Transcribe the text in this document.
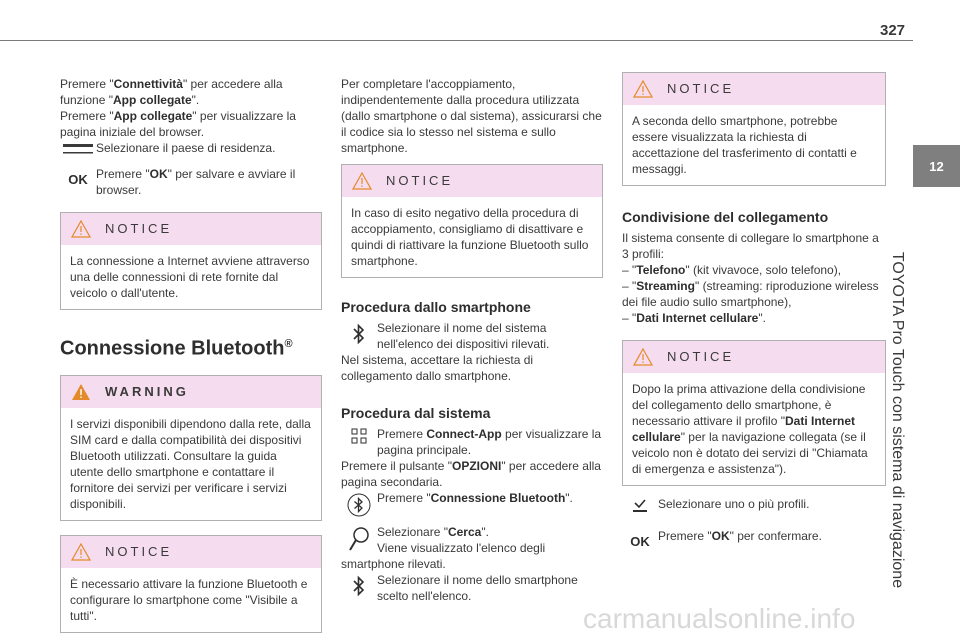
327
12
TOYOTA Pro Touch con sistema di navigazione

Premere "Connettività" per accedere alla funzione "App collegate".

Premere "App collegate" per visualizzare la pagina iniziale del browser.

Selezionare il paese di residenza.
OK Premere "OK" per salvare e avviare il browser.
NOTICE
La connessione a Internet avviene attraverso una delle connessioni di rete fornite dal veicolo o dall'utente.
Connessione Bluetooth®
WARNING
I servizi disponibili dipendono dalla rete, dalla SIM card e dalla compatibilità dei dispositivi Bluetooth utilizzati. Consultare la guida utente dello smartphone e contattare il fornitore dei servizi per verificare i servizi disponibili.
NOTICE
È necessario attivare la funzione Bluetooth e configurare lo smartphone come "Visibile a tutti".

Per completare l'accoppiamento, indipendentemente dalla procedura utilizzata (dallo smartphone o dal sistema), assicurarsi che il codice sia lo stesso nel sistema e sullo smartphone.

NOTICE
In caso di esito negativo della procedura di accoppiamento, consigliamo di disattivare e quindi di riattivare la funzione Bluetooth sullo smartphone.
Procedura dallo smartphone
Selezionare il nome del sistema nell'elenco dei dispositivi rilevati.

Nel sistema, accettare la richiesta di collegamento dallo smartphone.

Procedura dal sistema
Premere Connect-App per visualizzare la pagina principale.

Premere il pulsante "OPZIONI" per accedere alla pagina secondaria.

Premere "Connessione Bluetooth".
Selezionare "Cerca".
Viene visualizzato l'elenco degli

smartphone rilevati.

Selezionare il nome dello smartphone scelto nell'elenco.
NOTICE
A seconda dello smartphone, potrebbe essere visualizzata la richiesta di accettazione del trasferimento di contatti e messaggi.
Condivisione del collegamento

Il sistema consente di collegare lo smartphone a 3 profili:

– "Telefono" (kit vivavoce, solo telefono),

– "Streaming" (streaming: riproduzione wireless dei file audio sullo smartphone),

– "Dati Internet cellulare".

NOTICE
Dopo la prima attivazione della condivisione del collegamento dello smartphone, è necessario attivare il profilo "Dati Internet cellulare" per la navigazione collegata (se il veicolo non è dotato dei servizi di "Chiamata di emergenza e assistenza").
Selezionare uno o più profili.
OK Premere "OK" per confermare.
carmanualsonline.info
